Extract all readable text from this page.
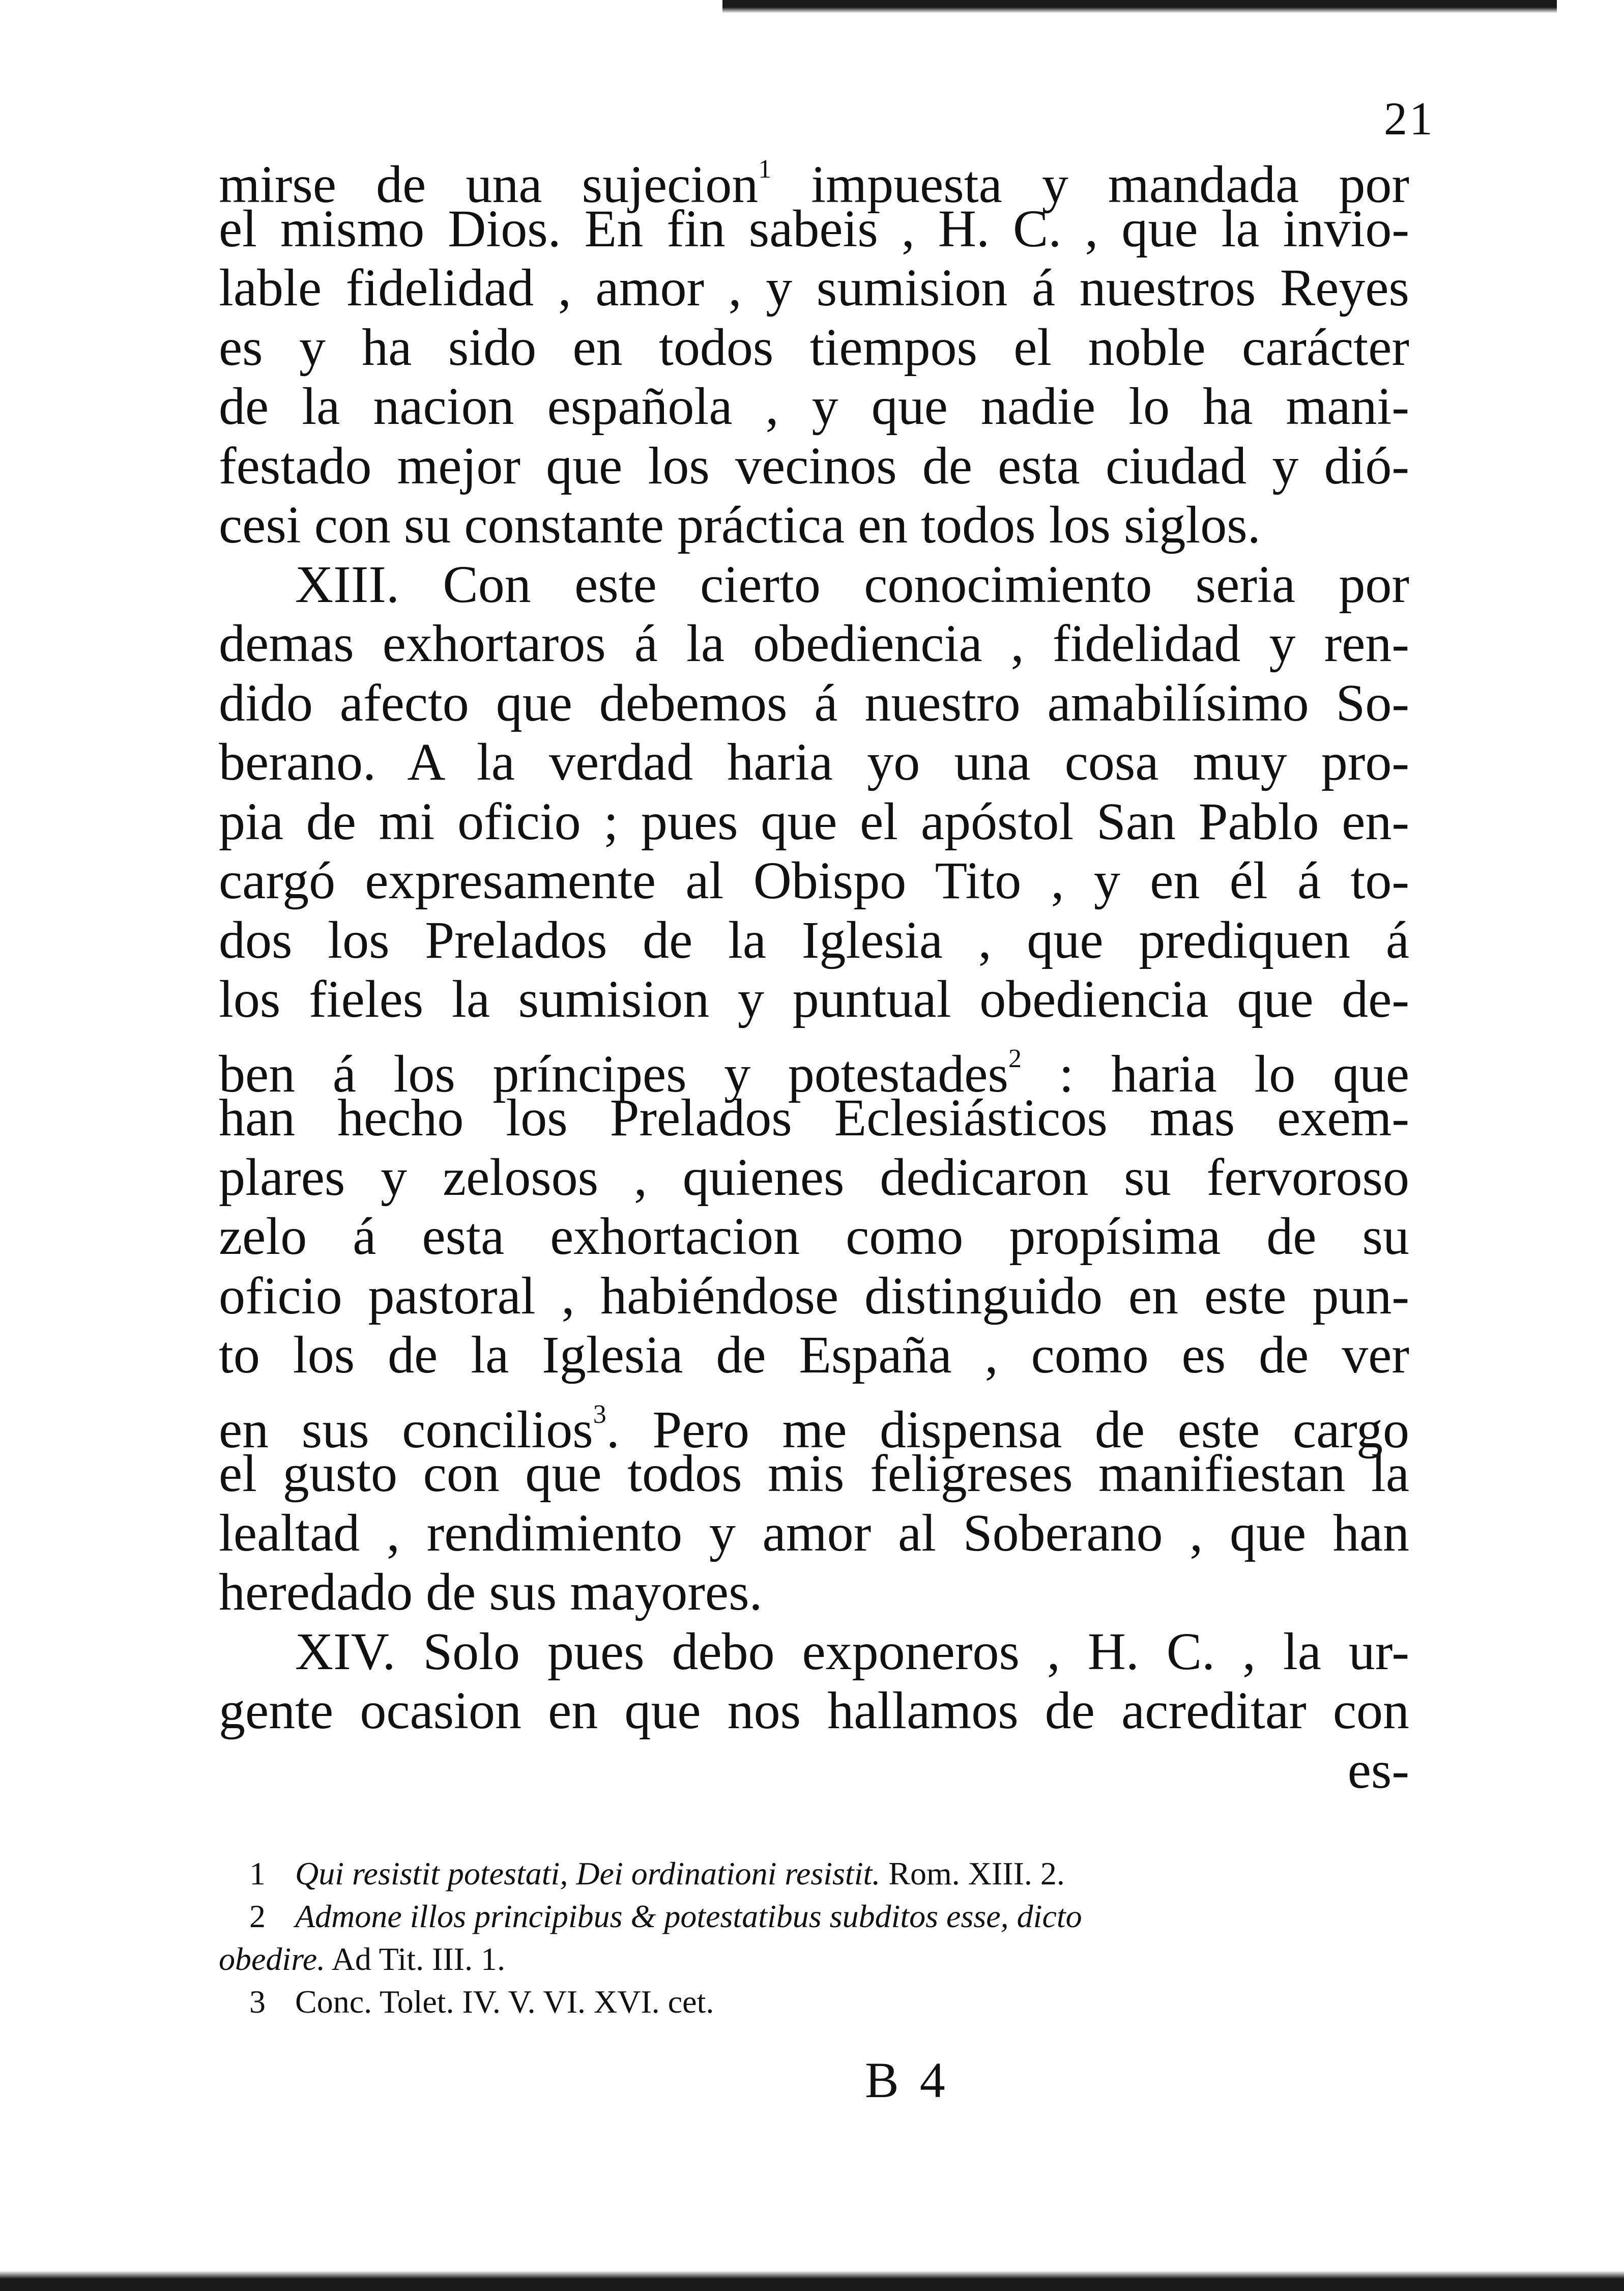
21
mirse de una sujecion$^1$ impuesta y mandada por
el mismo Dios. En fin sabeis , H. C. , que la invio-
lable fidelidad , amor , y sumision á nuestros Reyes
es y ha sido en todos tiempos el noble carácter
de la nacion española , y que nadie lo ha mani-
festado mejor que los vecinos de esta ciudad y dió-
cesi con su constante práctica en todos los siglos.
XIII. Con este cierto conocimiento seria por
demas exhortaros á la obediencia , fidelidad y ren-
dido afecto que debemos á nuestro amabilísimo So-
berano. A la verdad haria yo una cosa muy pro-
pia de mi oficio ; pues que el apóstol San Pablo en-
cargó expresamente al Obispo Tito , y en él á to-
dos los Prelados de la Iglesia , que prediquen á
los fieles la sumision y puntual obediencia que de-
ben á los príncipes y potestades$^2$ : haria lo que
han hecho los Prelados Eclesiásticos mas exem-
plares y zelosos , quienes dedicaron su fervoroso
zelo á esta exhortacion como propísima de su
oficio pastoral , habiéndose distinguido en este pun-
to los de la Iglesia de España , como es de ver
en sus concilios$^3$. Pero me dispensa de este cargo
el gusto con que todos mis feligreses manifiestan la
lealtad , rendimiento y amor al Soberano , que han
heredado de sus mayores.
XIV. Solo pues debo exponeros , H. C. , la ur-
gente ocasion en que nos hallamos de acreditar con
es-
1 Qui resistit potestati, Dei ordinationi resistit. Rom. XIII. 2.
2 Admone illos principibus & potestatibus subditos esse, dicto
obedire. Ad Tit. III. 1.
3 Conc. Tolet. IV. V. VI. XVI. cet.
B 4
